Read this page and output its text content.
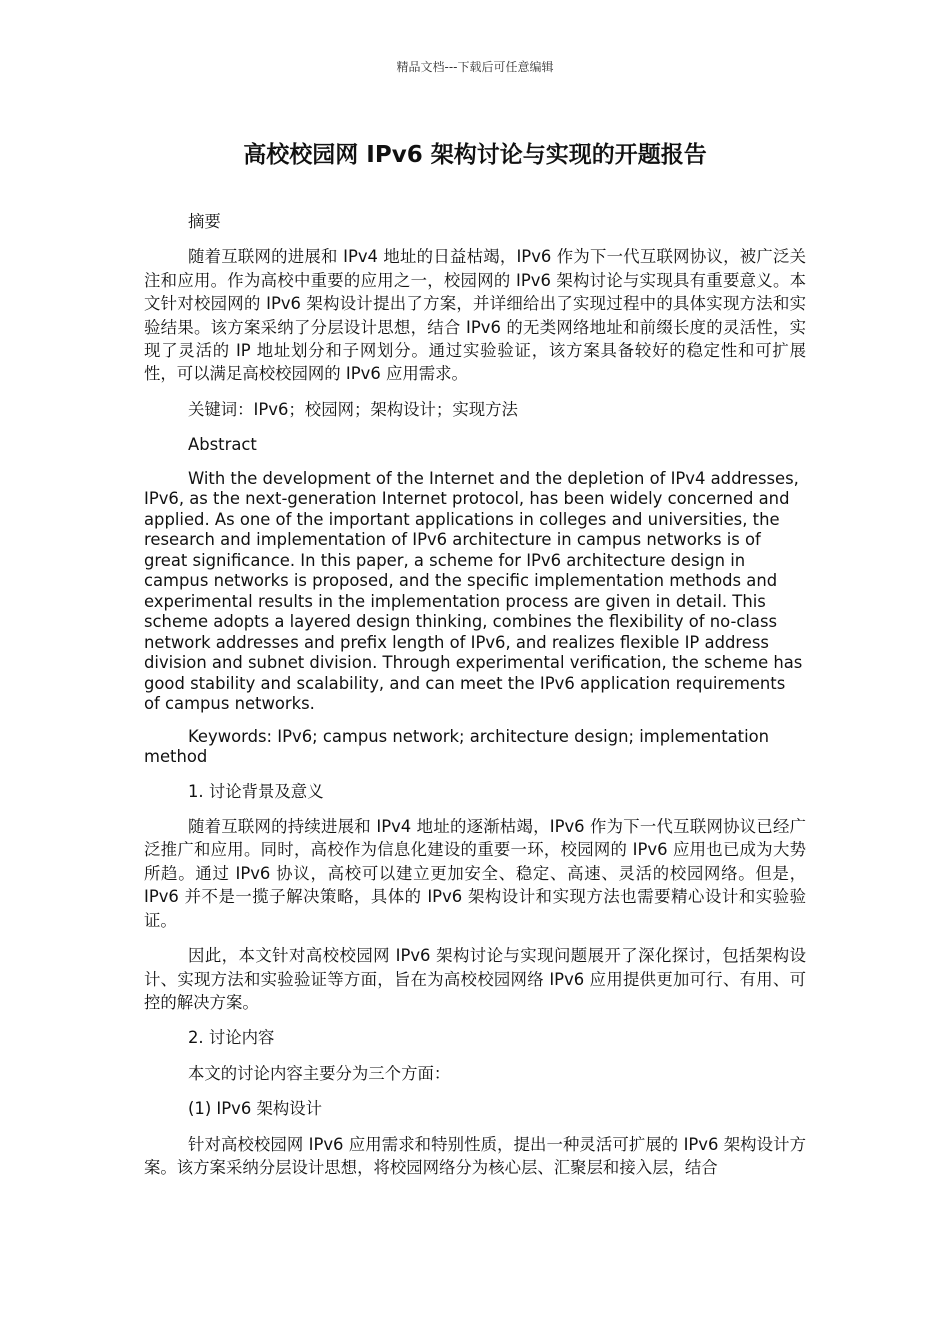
精品文档---下载后可任意编辑
高校校园网 IPv6 架构讨论与实现的开题报告

摘要

随着互联网的进展和 IPv4 地址的日益枯竭，IPv6 作为下一代互联网协议，被广泛关注和应用。作为高校中重要的应用之一，校园网的 IPv6 架构讨论与实现具有重要意义。本文针对校园网的 IPv6 架构设计提出了方案，并详细给出了实现过程中的具体实现方法和实验结果。该方案采纳了分层设计思想，结合 IPv6 的无类网络地址和前缀长度的灵活性，实现了灵活的 IP 地址划分和子网划分。通过实验验证，该方案具备较好的稳定性和可扩展性，可以满足高校校园网的 IPv6 应用需求。

关键词：IPv6；校园网；架构设计；实现方法

Abstract

With the development of the Internet and the depletion of IPv4 addresses, IPv6, as the next-generation Internet protocol, has been widely concerned and applied. As one of the important applications in colleges and universities, the research and implementation of IPv6 architecture in campus networks is of great significance. In this paper, a scheme for IPv6 architecture design in campus networks is proposed, and the specific implementation methods and experimental results in the implementation process are given in detail. This scheme adopts a layered design thinking, combines the flexibility of no-class network addresses and prefix length of IPv6, and realizes flexible IP address division and subnet division. Through experimental verification, the scheme has good stability and scalability, and can meet the IPv6 application requirements of campus networks.

Keywords: IPv6; campus network; architecture design; implementation method

1. 讨论背景及意义

随着互联网的持续进展和 IPv4 地址的逐渐枯竭，IPv6 作为下一代互联网协议已经广泛推广和应用。同时，高校作为信息化建设的重要一环，校园网的 IPv6 应用也已成为大势所趋。通过 IPv6 协议，高校可以建立更加安全、稳定、高速、灵活的校园网络。但是，IPv6 并不是一揽子解决策略，具体的 IPv6 架构设计和实现方法也需要精心设计和实验验证。

因此，本文针对高校校园网 IPv6 架构讨论与实现问题展开了深化探讨，包括架构设计、实现方法和实验验证等方面，旨在为高校校园网络 IPv6 应用提供更加可行、有用、可控的解决方案。

2. 讨论内容

本文的讨论内容主要分为三个方面：

(1) IPv6 架构设计

针对高校校园网 IPv6 应用需求和特别性质，提出一种灵活可扩展的 IPv6 架构设计方案。该方案采纳分层设计思想，将校园网络分为核心层、汇聚层和接入层，结合
